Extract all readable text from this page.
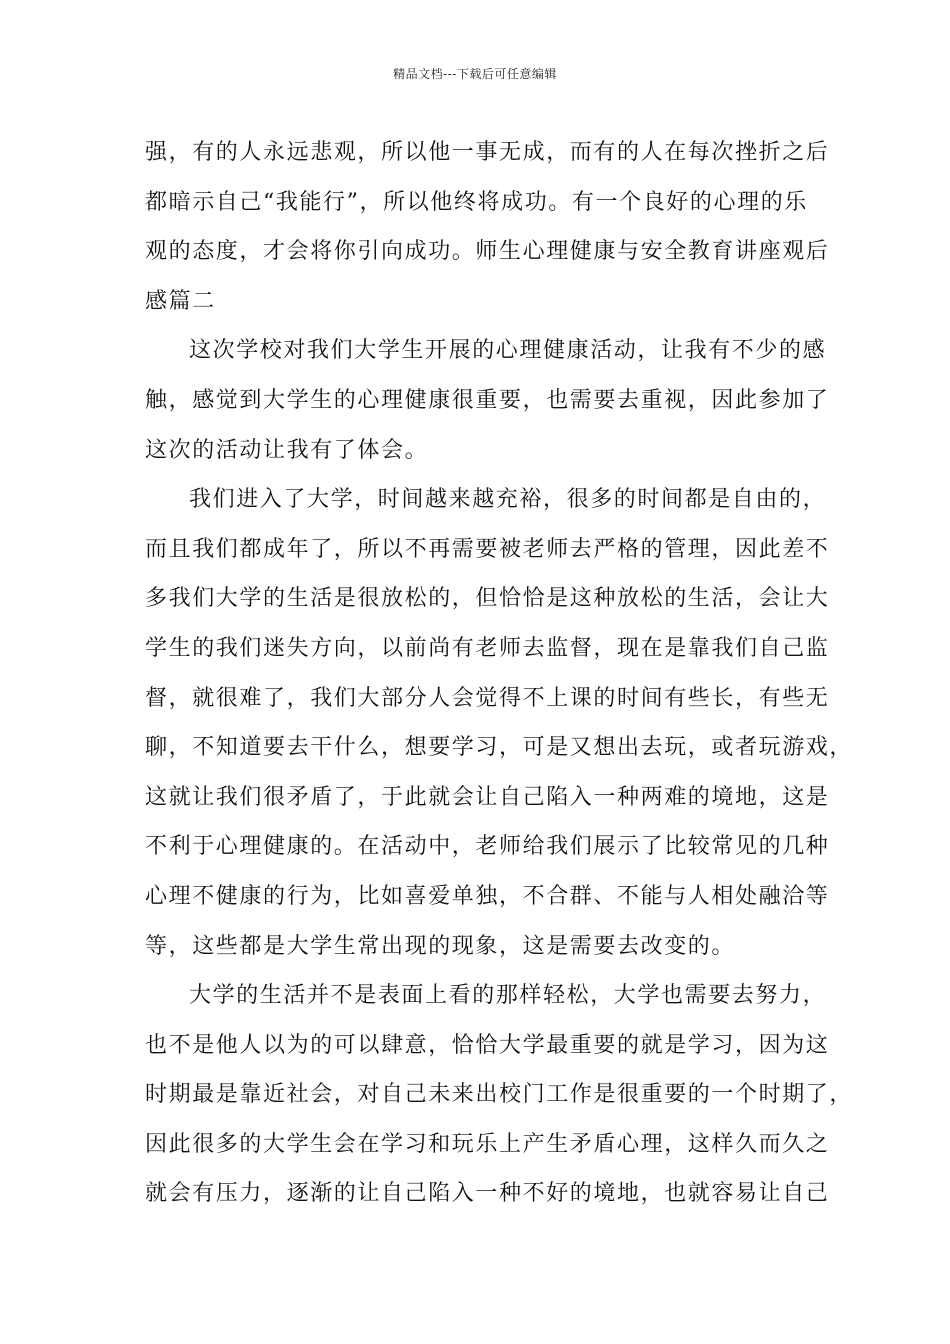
精品文档---下载后可任意编辑
强，有的人永远悲观，所以他一事无成，而有的人在每次挫折之后
都暗示自己“我能行”，所以他终将成功。有一个良好的心理的乐
观的态度，才会将你引向成功。师生心理健康与安全教育讲座观后
感篇二
这次学校对我们大学生开展的心理健康活动，让我有不少的感
触，感觉到大学生的心理健康很重要，也需要去重视，因此参加了
这次的活动让我有了体会。
我们进入了大学，时间越来越充裕，很多的时间都是自由的，
而且我们都成年了，所以不再需要被老师去严格的管理，因此差不
多我们大学的生活是很放松的，但恰恰是这种放松的生活，会让大
学生的我们迷失方向，以前尚有老师去监督，现在是靠我们自己监
督，就很难了，我们大部分人会觉得不上课的时间有些长，有些无
聊，不知道要去干什么，想要学习，可是又想出去玩，或者玩游戏，
这就让我们很矛盾了，于此就会让自己陷入一种两难的境地，这是
不利于心理健康的。在活动中，老师给我们展示了比较常见的几种
心理不健康的行为，比如喜爱单独，不合群、不能与人相处融洽等
等，这些都是大学生常出现的现象，这是需要去改变的。
大学的生活并不是表面上看的那样轻松，大学也需要去努力，
也不是他人以为的可以肆意，恰恰大学最重要的就是学习，因为这
时期最是靠近社会，对自己未来出校门工作是很重要的一个时期了，
因此很多的大学生会在学习和玩乐上产生矛盾心理，这样久而久之
就会有压力，逐渐的让自己陷入一种不好的境地，也就容易让自己
